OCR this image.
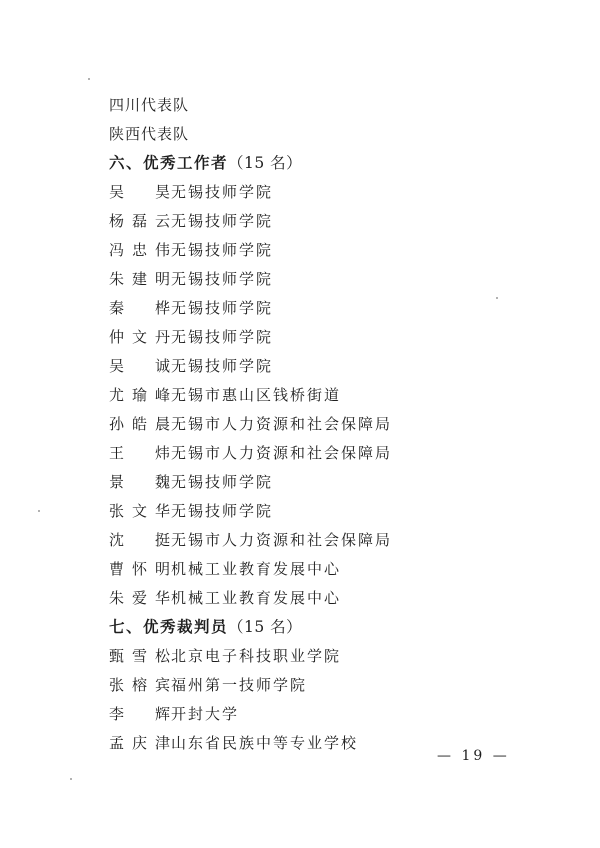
四川代表队
陕西代表队
六、优秀工作者（15 名）
吴 昊 无锡技师学院
杨磊云 无锡技师学院
冯忠伟 无锡技师学院
朱建明 无锡技师学院
秦 桦 无锡技师学院
仲文丹 无锡技师学院
吴 诚 无锡技师学院
尤瑜峰 无锡市惠山区钱桥街道
孙皓晨 无锡市人力资源和社会保障局
王 炜 无锡市人力资源和社会保障局
景 魏 无锡技师学院
张文华 无锡技师学院
沈 挺 无锡市人力资源和社会保障局
曹怀明 机械工业教育发展中心
朱爱华 机械工业教育发展中心
七、优秀裁判员（15 名）
甄雪松 北京电子科技职业学院
张榕宾 福州第一技师学院
李 辉 开封大学
孟庆津 山东省民族中等专业学校
— 19 —
